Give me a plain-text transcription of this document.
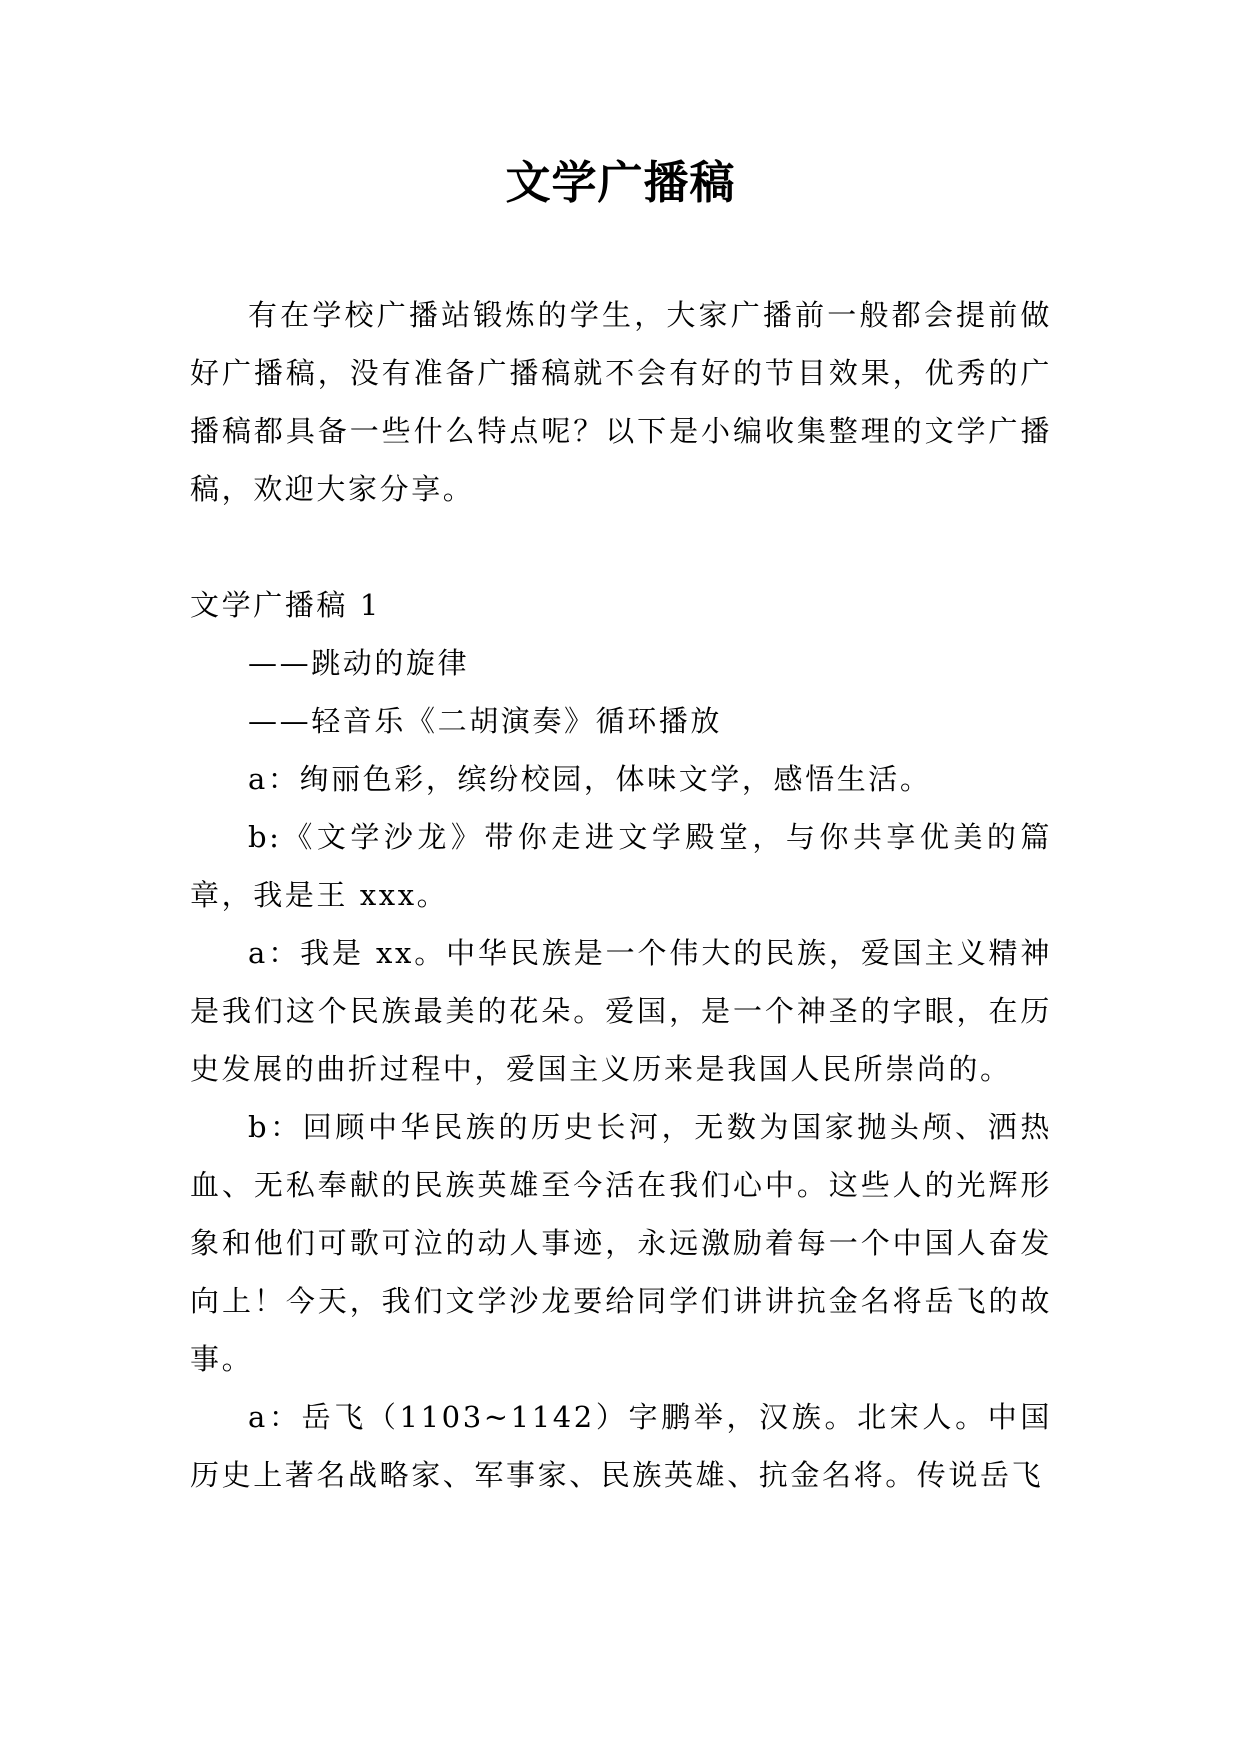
文学广播稿

有在学校广播站锻炼的学生，大家广播前一般都会提前做好广播稿，没有准备广播稿就不会有好的节目效果，优秀的广播稿都具备一些什么特点呢？以下是小编收集整理的文学广播稿，欢迎大家分享。

文学广播稿 1

——跳动的旋律

——轻音乐《二胡演奏》循环播放

a：绚丽色彩，缤纷校园，体味文学，感悟生活。

b:《文学沙龙》带你走进文学殿堂，与你共享优美的篇章，我是王 xxx。

a：我是 xx。中华民族是一个伟大的民族，爱国主义精神是我们这个民族最美的花朵。爱国，是一个神圣的字眼，在历史发展的曲折过程中，爱国主义历来是我国人民所崇尚的。

b：回顾中华民族的历史长河，无数为国家抛头颅、洒热血、无私奉献的民族英雄至今活在我们心中。这些人的光辉形象和他们可歌可泣的动人事迹，永远激励着每一个中国人奋发向上！今天，我们文学沙龙要给同学们讲讲抗金名将岳飞的故事。

a：岳飞（1103~1142）字鹏举，汉族。北宋人。中国历史上著名战略家、军事家、民族英雄、抗金名将。传说岳飞
